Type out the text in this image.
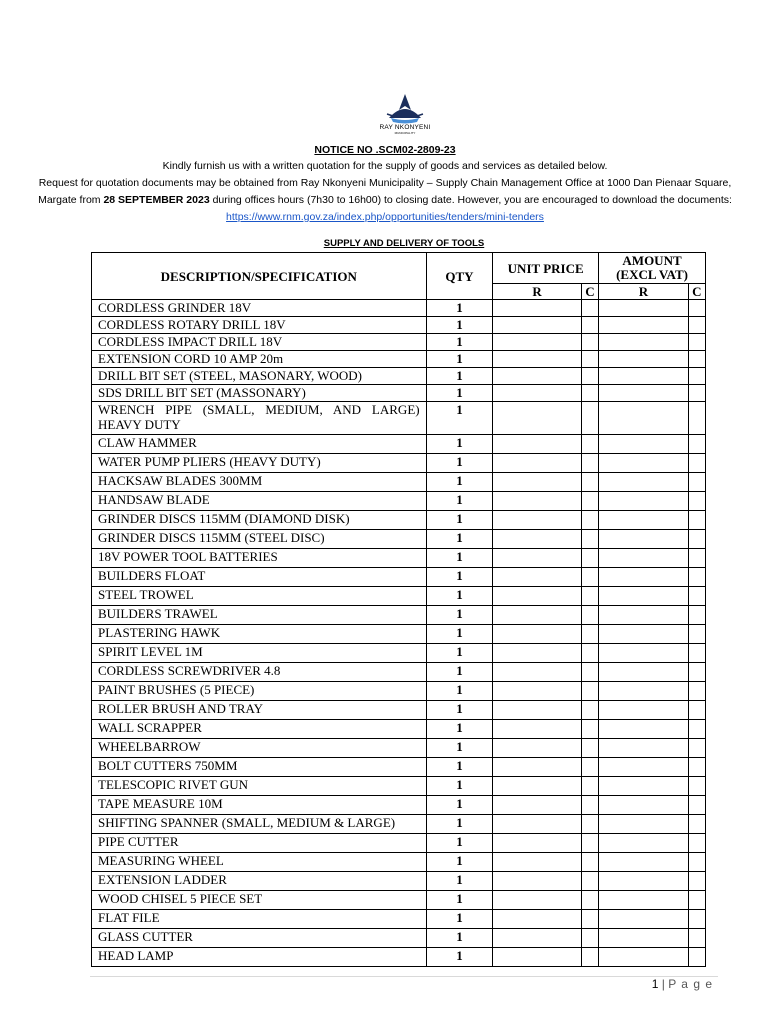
RAY NKONYENI
MUNICIPALITY
NOTICE NO .SCM02-2809-23
Kindly furnish us with a written quotation for the supply of goods and services as detailed below.
Request for quotation documents may be obtained from Ray Nkonyeni Municipality – Supply Chain Management Office at 1000 Dan Pienaar Square, Margate from 28 SEPTEMBER 2023 during offices hours (7h30 to 16h00) to closing date. However, you are encouraged to download the documents: https://www.rnm.gov.za/index.php/opportunities/tenders/mini-tenders
SUPPLY AND DELIVERY OF TOOLS
DESCRIPTION/SPECIFICATION	QTY	UNIT PRICE		AMOUNT
(EXCL VAT)	
		R	C	R	C
CORDLESS GRINDER 18V	1				
CORDLESS ROTARY DRILL 18V	1				
CORDLESS IMPACT DRILL 18V	1				
EXTENSION CORD 10 AMP 20m	1				
DRILL BIT SET (STEEL, MASONARY, WOOD)	1				
SDS DRILL BIT SET (MASSONARY)	1				
WRENCH PIPE (SMALL, MEDIUM, AND LARGE) HEAVY DUTY	1				
CLAW HAMMER	1				
WATER PUMP PLIERS (HEAVY DUTY)	1				
HACKSAW BLADES 300MM	1				
HANDSAW BLADE	1				
GRINDER DISCS 115MM (DIAMOND DISK)	1				
GRINDER DISCS 115MM (STEEL DISC)	1				
18V POWER TOOL BATTERIES	1				
BUILDERS FLOAT	1				
STEEL TROWEL	1				
BUILDERS TRAWEL	1				
PLASTERING HAWK	1				
SPIRIT LEVEL 1M	1				
CORDLESS SCREWDRIVER 4.8	1				
PAINT BRUSHES (5 PIECE)	1				
ROLLER BRUSH AND TRAY	1				
WALL SCRAPPER	1				
WHEELBARROW	1				
BOLT CUTTERS 750MM	1				
TELESCOPIC RIVET GUN	1				
TAPE MEASURE 10M	1				
SHIFTING SPANNER (SMALL, MEDIUM & LARGE)	1				
PIPE CUTTER	1				
MEASURING WHEEL	1				
EXTENSION LADDER	1				
WOOD CHISEL 5 PIECE SET	1				
FLAT FILE	1				
GLASS CUTTER	1				
HEAD LAMP	1				
1 | P a g e
